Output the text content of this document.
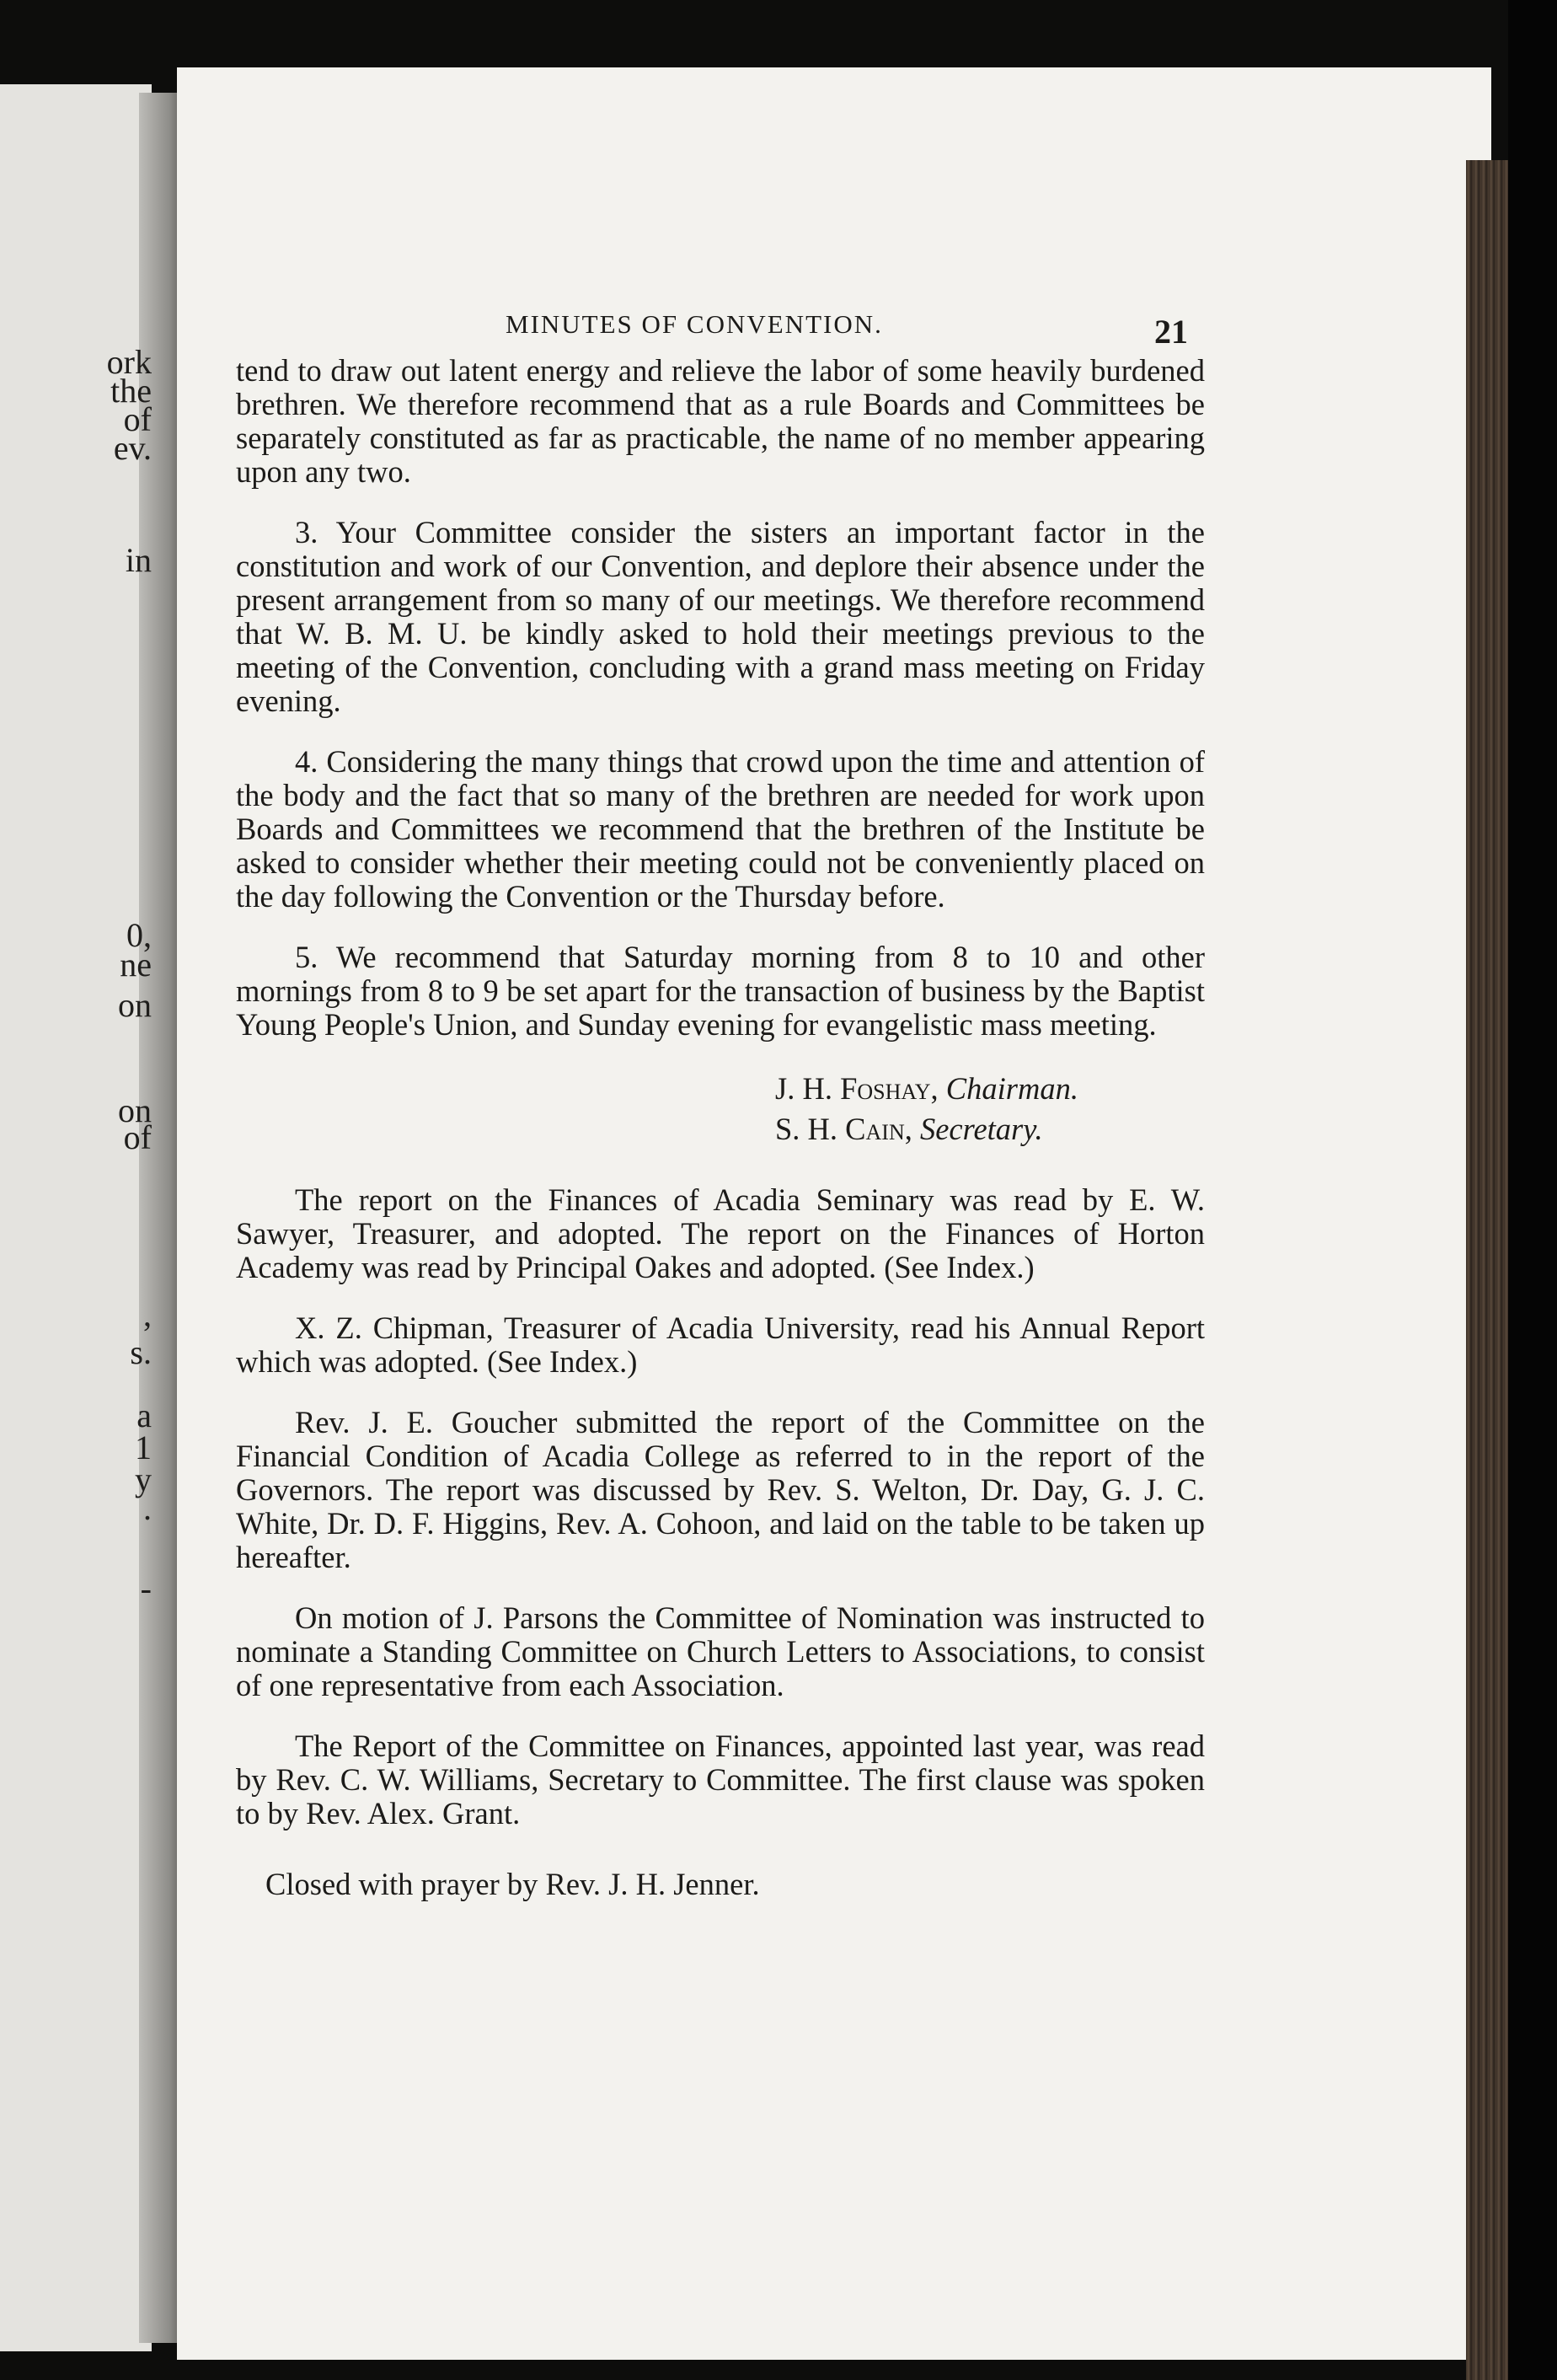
ork
the
of
ev.
in
0,
ne
on
on
of
,
s.
a
1
y
.
-
MINUTES OF CONVENTION.	21

tend to draw out latent energy and relieve the labor of some heavily burdened brethren. We therefore recommend that as a rule Boards and Committees be separately constituted as far as practicable, the name of no member appearing upon any two.

3. Your Committee consider the sisters an important factor in the constitution and work of our Convention, and deplore their absence under the present arrangement from so many of our meetings. We therefore recommend that W. B. M. U. be kindly asked to hold their meetings previous to the meeting of the Convention, concluding with a grand mass meeting on Friday evening.

4. Considering the many things that crowd upon the time and attention of the body and the fact that so many of the brethren are needed for work upon Boards and Committees we recommend that the brethren of the Institute be asked to consider whether their meeting could not be conveniently placed on the day following the Convention or the Thursday before.

5. We recommend that Saturday morning from 8 to 10 and other mornings from 8 to 9 be set apart for the transaction of business by the Baptist Young People's Union, and Sunday evening for evangelistic mass meeting.

J. H. Foshay, Chairman.
S. H. Cain, Secretary.

The report on the Finances of Acadia Seminary was read by E. W. Sawyer, Treasurer, and adopted. The report on the Finances of Horton Academy was read by Principal Oakes and adopted. (See Index.)

X. Z. Chipman, Treasurer of Acadia University, read his Annual Report which was adopted. (See Index.)

Rev. J. E. Goucher submitted the report of the Committee on the Financial Condition of Acadia College as referred to in the report of the Governors. The report was discussed by Rev. S. Welton, Dr. Day, G. J. C. White, Dr. D. F. Higgins, Rev. A. Cohoon, and laid on the table to be taken up hereafter.

On motion of J. Parsons the Committee of Nomination was instructed to nominate a Standing Committee on Church Letters to Associations, to consist of one representative from each Association.

The Report of the Committee on Finances, appointed last year, was read by Rev. C. W. Williams, Secretary to Committee. The first clause was spoken to by Rev. Alex. Grant.

Closed with prayer by Rev. J. H. Jenner.
